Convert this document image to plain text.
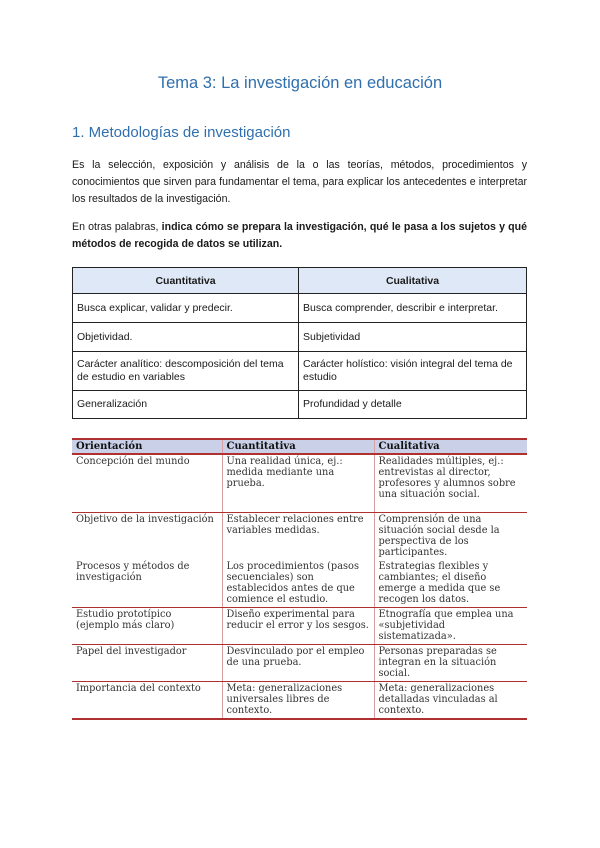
Tema 3: La investigación en educación
1. Metodologías de investigación

Es la selección, exposición y análisis de la o las teorías, métodos, procedimientos y conocimientos que sirven para fundamentar el tema, para explicar los antecedentes e interpretar los resultados de la investigación.

En otras palabras, indica cómo se prepara la investigación, qué le pasa a los sujetos y qué métodos de recogida de datos se utilizan.

Cuantitativa	Cualitativa
Busca explicar, validar y predecir.	Busca comprender, describir e interpretar.
Objetividad.	Subjetividad
Carácter analítico: descomposición del tema de estudio en variables	Carácter holístico: visión integral del tema de estudio
Generalización	Profundidad y detalle
Orientación	Cuantitativa	Cualitativa
Concepción del mundo	Una realidad única, ej.: medida mediante una prueba.	Realidades múltiples, ej.: entrevistas al director, profesores y alumnos sobre una situación social.
Objetivo de la investigación	Establecer relaciones entre variables medidas.	Comprensión de una situación social desde la perspectiva de los participantes.
Procesos y métodos de investigación	Los procedimientos (pasos secuenciales) son establecidos antes de que comience el estudio.	Estrategias flexibles y cambiantes; el diseño emerge a medida que se recogen los datos.
Estudio prototípico (ejemplo más claro)	Diseño experimental para reducir el error y los sesgos.	Etnografía que emplea una «subjetividad sistematizada».
Papel del investigador	Desvinculado por el empleo de una prueba.	Personas preparadas se integran en la situación social.
Importancia del contexto	Meta: generalizaciones universales libres de contexto.	Meta: generalizaciones detalladas vinculadas al contexto.
